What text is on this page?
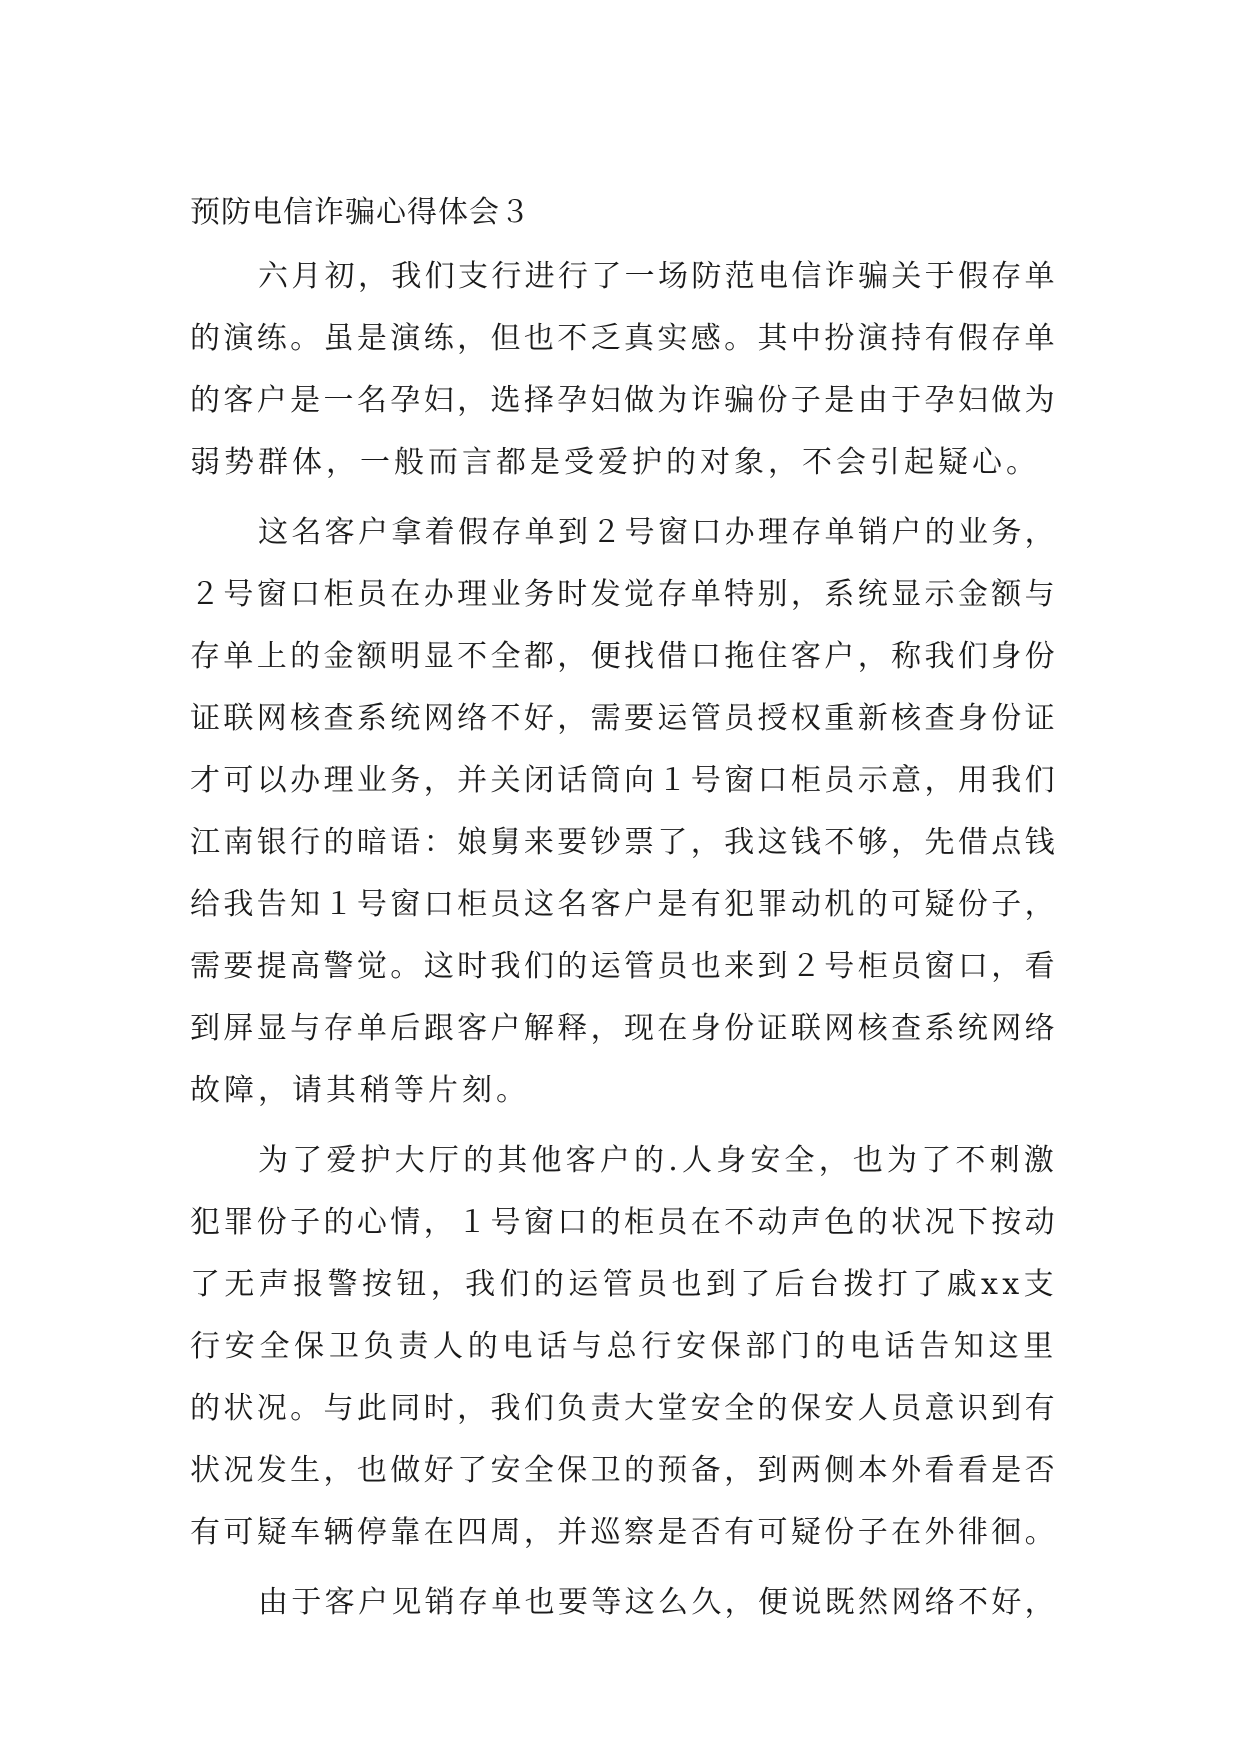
预防电信诈骗心得体会３
六月初，我们支行进行了一场防范电信诈骗关于假存单
的演练。虽是演练，但也不乏真实感。其中扮演持有假存单
的客户是一名孕妇，选择孕妇做为诈骗份子是由于孕妇做为
弱势群体，一般而言都是受爱护的对象，不会引起疑心。
这名客户拿着假存单到２号窗口办理存单销户的业务，
２号窗口柜员在办理业务时发觉存单特别，系统显示金额与
存单上的金额明显不全都，便找借口拖住客户，称我们身份
证联网核查系统网络不好，需要运管员授权重新核查身份证
才可以办理业务，并关闭话筒向１号窗口柜员示意，用我们
江南银行的暗语：娘舅来要钞票了，我这钱不够，先借点钱
给我告知１号窗口柜员这名客户是有犯罪动机的可疑份子，
需要提高警觉。这时我们的运管员也来到２号柜员窗口，看
到屏显与存单后跟客户解释，现在身份证联网核查系统网络
故障，请其稍等片刻。
为了爱护大厅的其他客户的.人身安全，也为了不刺激
犯罪份子的心情，１号窗口的柜员在不动声色的状况下按动
了无声报警按钮，我们的运管员也到了后台拨打了戚xx支
行安全保卫负责人的电话与总行安保部门的电话告知这里
的状况。与此同时，我们负责大堂安全的保安人员意识到有
状况发生，也做好了安全保卫的预备，到两侧本外看看是否
有可疑车辆停靠在四周，并巡察是否有可疑份子在外徘徊。
由于客户见销存单也要等这么久，便说既然网络不好，
